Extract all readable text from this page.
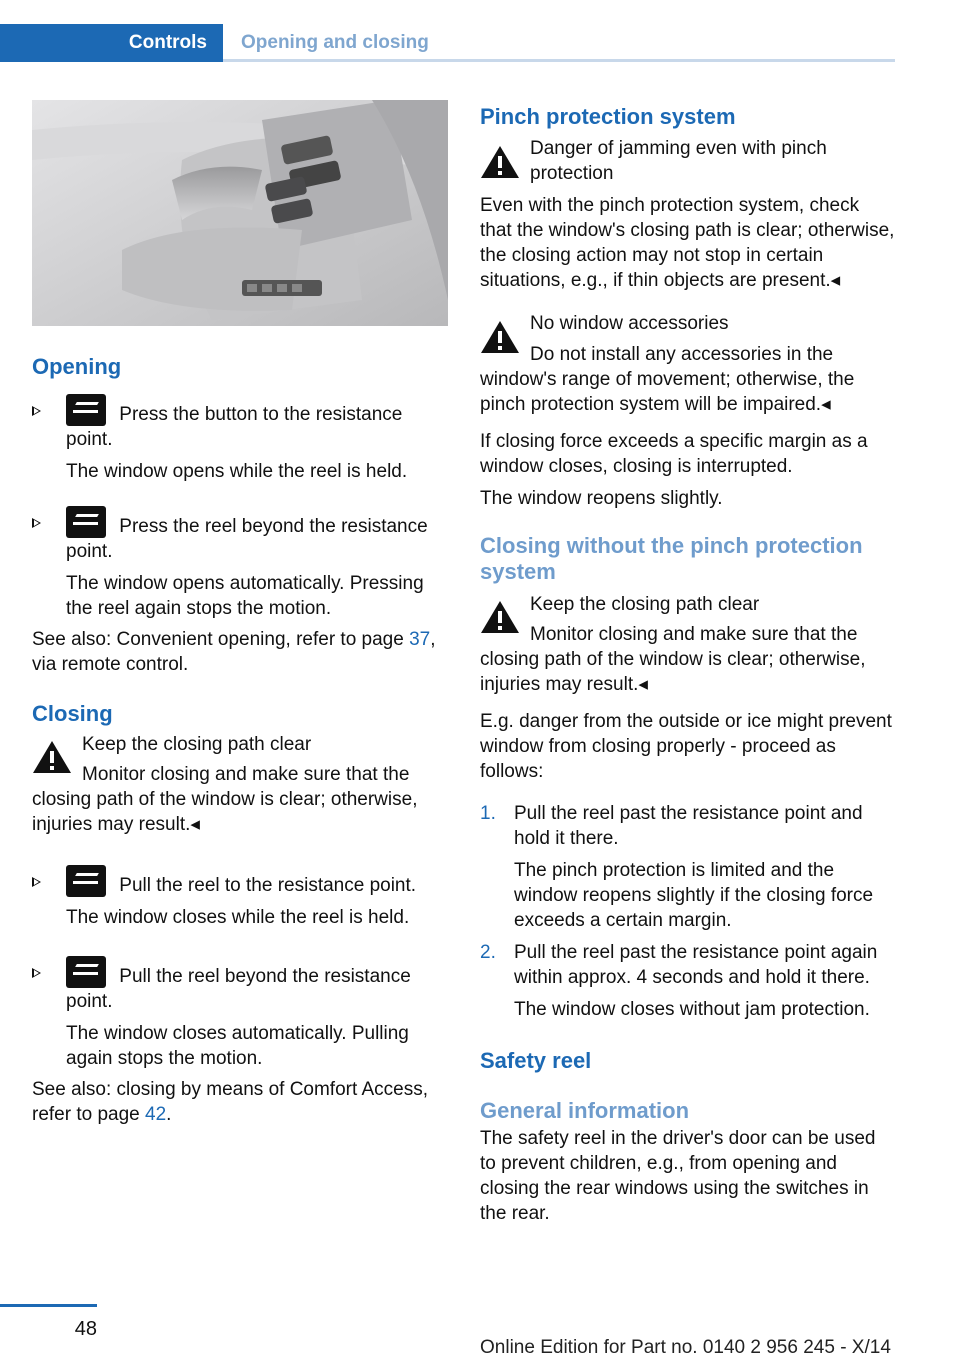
Controls	Opening and closing
Opening

Press the button to the resistance point.

The window opens while the reel is held.

Press the reel beyond the resistance point.

The window opens automatically. Pressing the reel again stops the motion.

See also: Convenient opening, refer to page 37, via remote control.

Closing

Keep the closing path clear

Monitor closing and make sure that the closing path of the window is clear; otherwise, injuries may result.◂

Pull the reel to the resistance point.

The window closes while the reel is held.

Pull the reel beyond the resistance point.

The window closes automatically. Pulling again stops the motion.

See also: closing by means of Comfort Access, refer to page 42.

Pinch protection system

Danger of jamming even with pinch protection

Even with the pinch protection system, check that the window's closing path is clear; otherwise, the closing action may not stop in certain situations, e.g., if thin objects are present.◂

No window accessories

Do not install any accessories in the window's range of movement; otherwise, the pinch protection system will be impaired.◂

If closing force exceeds a specific margin as a window closes, closing is interrupted.

The window reopens slightly.

Closing without the pinch protection system

Keep the closing path clear

Monitor closing and make sure that the closing path of the window is clear; otherwise, injuries may result.◂

E.g. danger from the outside or ice might prevent window from closing properly - proceed as follows:

1. Pull the reel past the resistance point and hold it there.

The pinch protection is limited and the window reopens slightly if the closing force exceeds a certain margin.

2. Pull the reel past the resistance point again within approx. 4 seconds and hold it there.

The window closes without jam protection.

Safety reel
General information

The safety reel in the driver's door can be used to prevent children, e.g., from opening and closing the rear windows using the switches in the rear.

48
Online Edition for Part no. 0140 2 956 245 - X/14
